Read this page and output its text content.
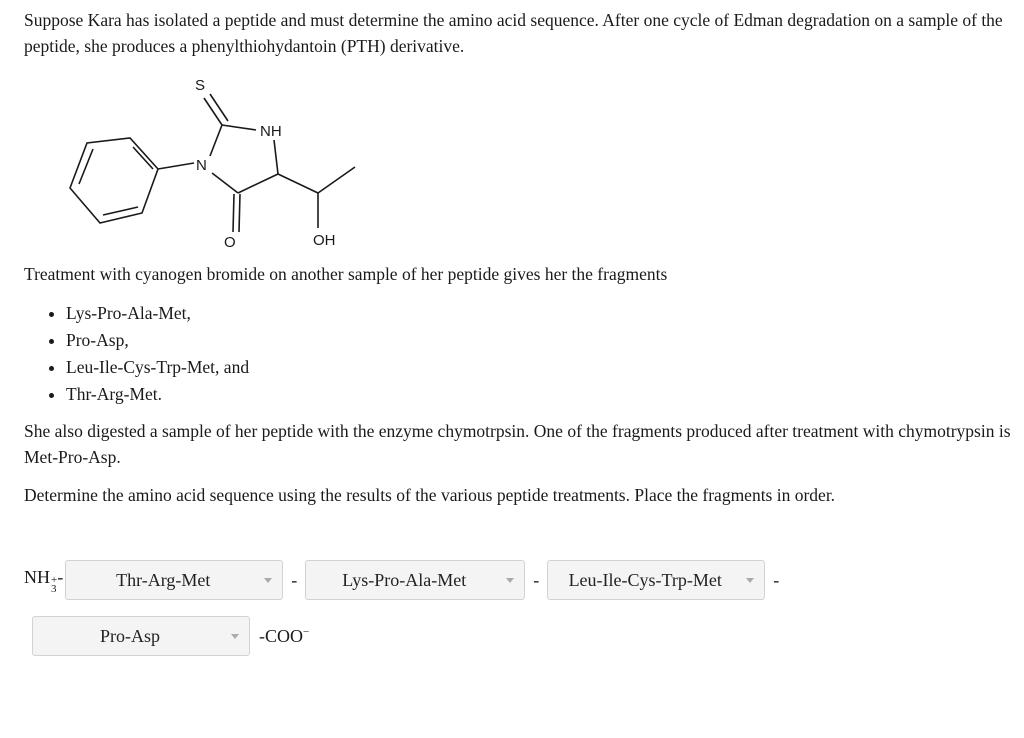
Suppose Kara has isolated a peptide and must determine the amino acid sequence. After one cycle of Edman degradation on a sample of the peptide, she produces a phenylthiohydantoin (PTH) derivative.

S
NH
N
O	OH

Treatment with cyanogen bromide on another sample of her peptide gives her the fragments

• Lys-Pro-Ala-Met,
• Pro-Asp,
• Leu-Ile-Cys-Trp-Met, and
• Thr-Arg-Met.

She also digested a sample of her peptide with the enzyme chymotrpsin. One of the fragments produced after treatment with chymotrypsin is Met-Pro-Asp.

Determine the amino acid sequence using the results of the various peptide treatments. Place the fragments in order.

NH +
3
-	Thr-Arg-Met	-	Lys-Pro-Ala-Met	- Leu-Ile-Cys-Trp-Met	-
Pro-Asp	-COO−
